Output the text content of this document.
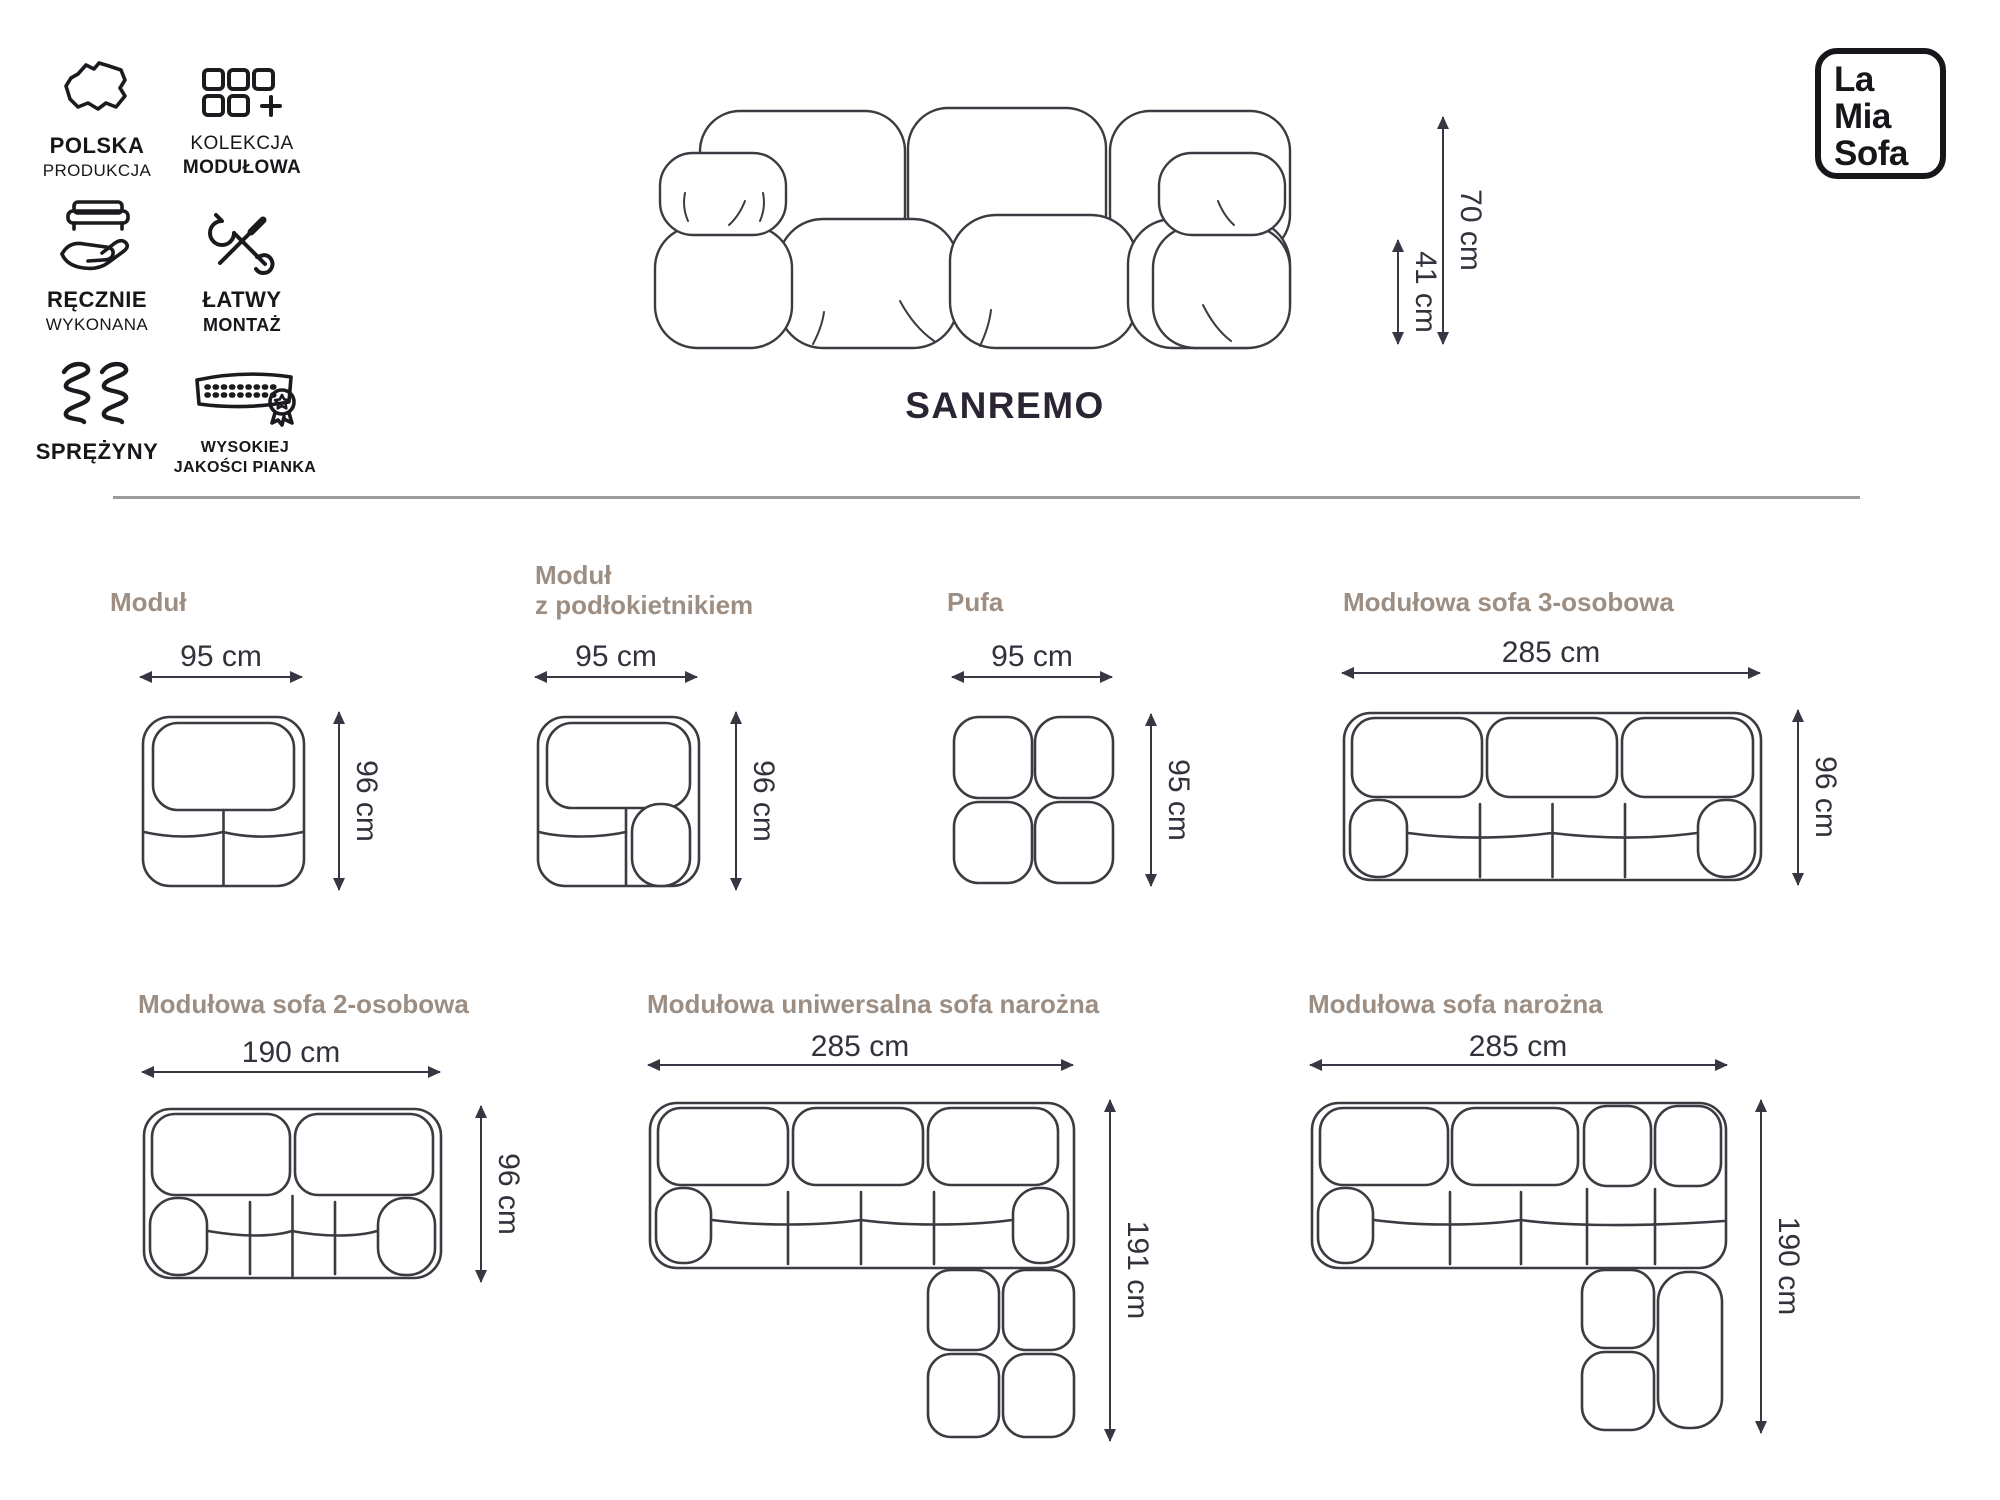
POLSKA
PRODUKCJA
KOLEKCJA
MODUŁOWA
RĘCZNIE
WYKONANA
ŁATWY
MONTAŻ
SPRĘŻYNY	WYSOKIEJ
JAKOŚCI PIANKA
La
Mia
Sofa
41 cm
70 cm
SANREMO
Moduł
95 cm
96 cm
Moduł
z podłokietnikiem
95 cm
96 cm
Pufa
95 cm
95 cm
Modułowa sofa 3-osobowa
285 cm
96 cm
Modułowa sofa 2-osobowa
190 cm
96 cm
Modułowa uniwersalna sofa narożna
285 cm
191 cm
Modułowa sofa narożna
285 cm
190 cm
